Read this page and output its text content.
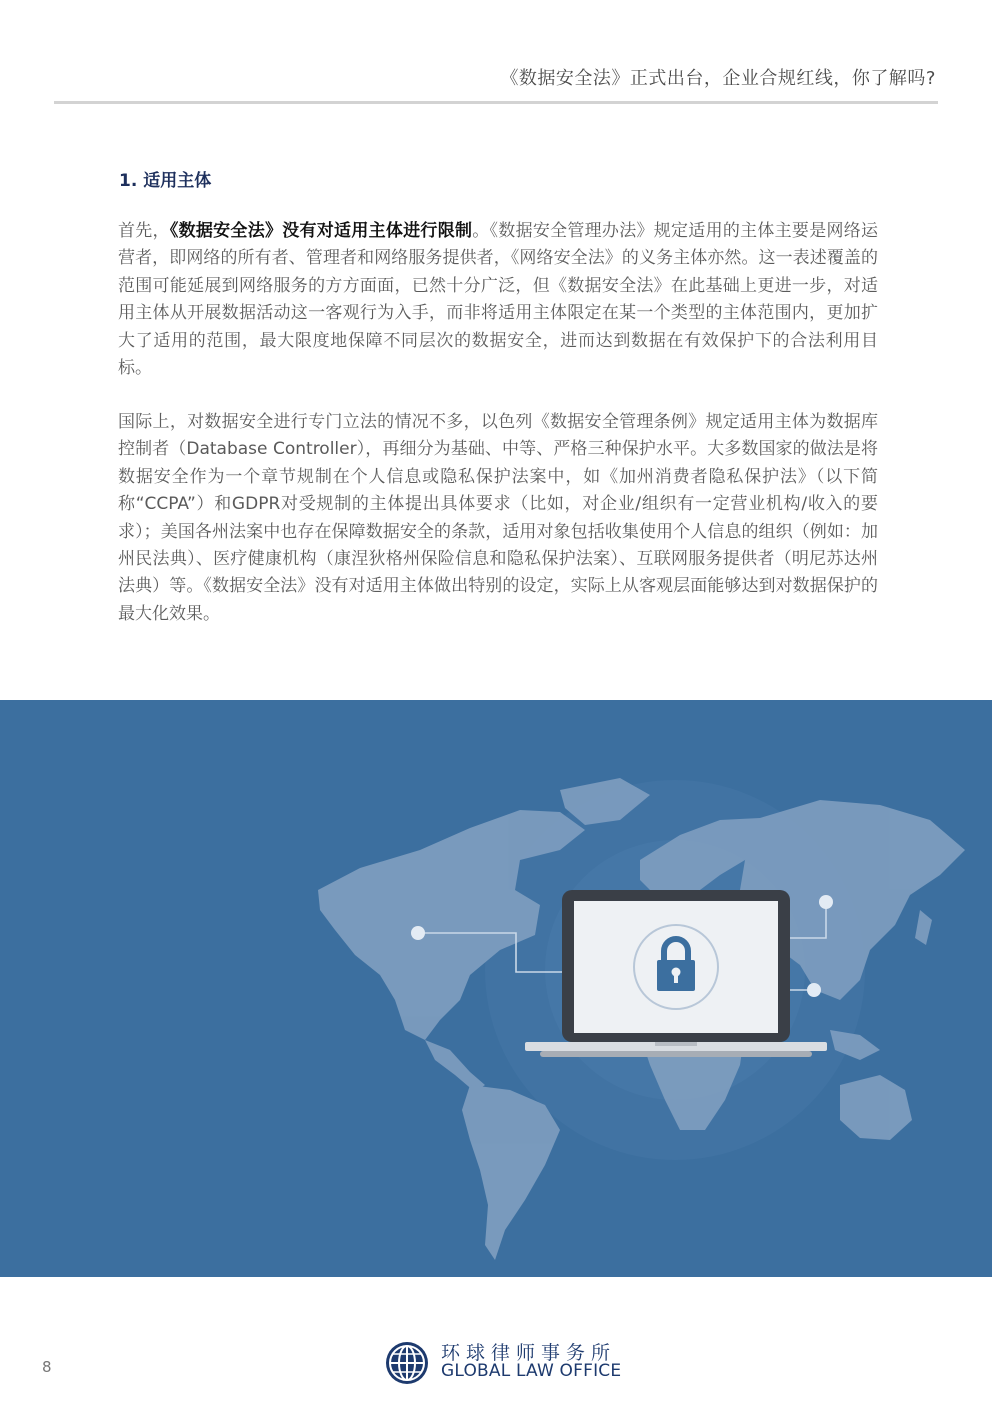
《数据安全法》正式出台，企业合规红线，你了解吗?
1. 适用主体

首先，《数据安全法》没有对适用主体进行限制。《数据安全管理办法》规定适用的主体主要是网络运营者，即网络的所有者、管理者和网络服务提供者，《网络安全法》的义务主体亦然。这一表述覆盖的范围可能延展到网络服务的方方面面，已然十分广泛，但《数据安全法》在此基础上更进一步，对适用主体从开展数据活动这一客观行为入手，而非将适用主体限定在某一个类型的主体范围内，更加扩大了适用的范围，最大限度地保障不同层次的数据安全，进而达到数据在有效保护下的合法利用目标。

国际上，对数据安全进行专门立法的情况不多，以色列《数据安全管理条例》规定适用主体为数据库控制者（Database Controller），再细分为基础、中等、严格三种保护水平。大多数国家的做法是将数据安全作为一个章节规制在个人信息或隐私保护法案中，如《加州消费者隐私保护法》（以下简称“CCPA”）和GDPR对受规制的主体提出具体要求（比如，对企业/组织有一定营业机构/收入的要求）；美国各州法案中也存在保障数据安全的条款，适用对象包括收集使用个人信息的组织（例如：加州民法典）、医疗健康机构（康涅狄格州保险信息和隐私保护法案）、互联网服务提供者（明尼苏达州法典）等。《数据安全法》没有对适用主体做出特别的设定，实际上从客观层面能够达到对数据保护的最大化效果。

8
环球律师事务所
GLOBAL LAW OFFICE
